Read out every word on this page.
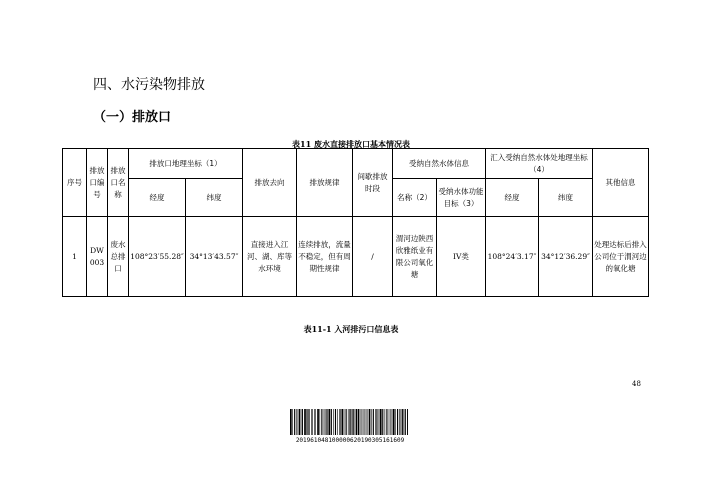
四、水污染物排放
（一）排放口
表11 废水直接排放口基本情况表
序号	排放口编号	排放口名称	排放口地理坐标（1）		排放去向	排放规律	间歇排放时段	受纳自然水体信息		汇入受纳自然水体处地理坐标（4）		其他信息
			经度	纬度				名称（2）	受纳水体功能目标（3）	经度	纬度	
1	DW003	废水总排口	108°23′55.28″	34°13′43.57″	直接进入江河、湖、库等水环境	连续排放，流量不稳定，但有周期性规律	/	渭河边陕西欣雅纸业有限公司氧化塘	IV类	108°24′3.17″	34°12′36.29″	处理达标后排入公司位于渭河边的氧化塘
表11-1 入河排污口信息表
48
2019610481000006201903051616​09
